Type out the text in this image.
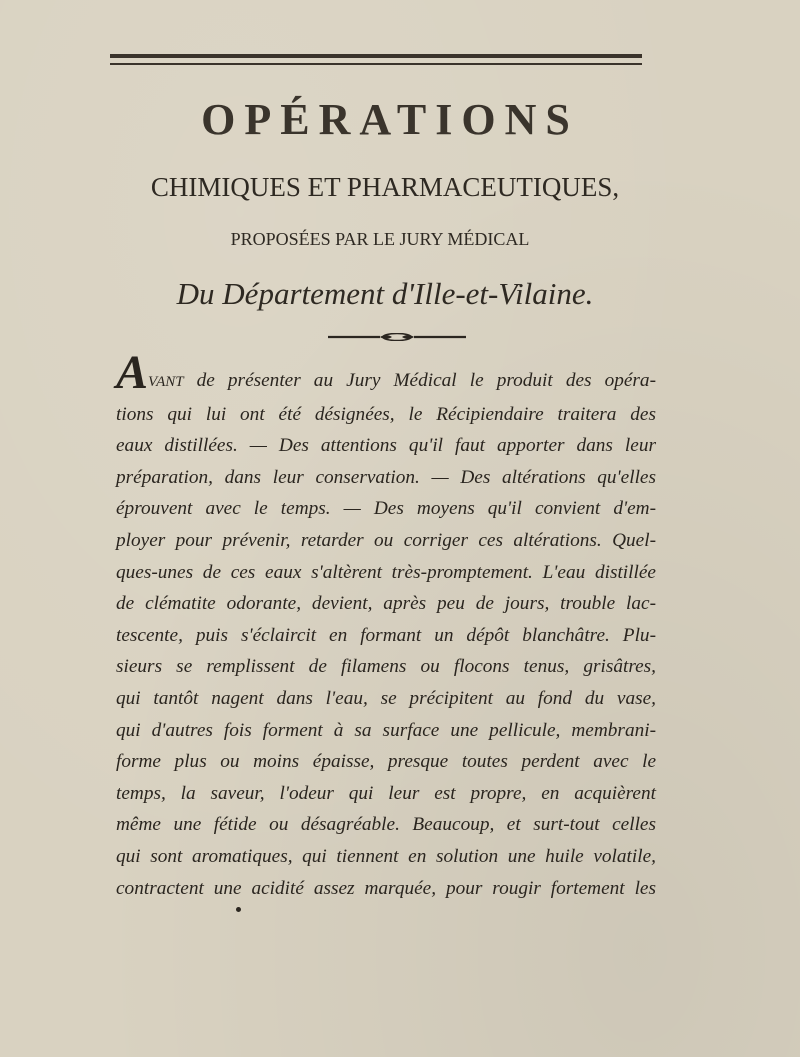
OPÉRATIONS
CHIMIQUES ET PHARMACEUTIQUES,
PROPOSÉES PAR LE JURY MÉDICAL
Du Département d'Ille-et-Vilaine.
AVANT de présenter au Jury Médical le produit des opéra-
tions qui lui ont été désignées, le Récipiendaire traitera des
eaux distillées. — Des attentions qu'il faut apporter dans leur
préparation, dans leur conservation. — Des altérations qu'elles
éprouvent avec le temps. — Des moyens qu'il convient d'em-
ployer pour prévenir, retarder ou corriger ces altérations. Quel-
ques-unes de ces eaux s'altèrent très-promptement. L'eau distillée
de clématite odorante, devient, après peu de jours, trouble lac-
tescente, puis s'éclaircit en formant un dépôt blanchâtre. Plu-
sieurs se remplissent de filamens ou flocons tenus, grisâtres,
qui tantôt nagent dans l'eau, se précipitent au fond du vase,
qui d'autres fois forment à sa surface une pellicule, membrani-
forme plus ou moins épaisse, presque toutes perdent avec le
temps, la saveur, l'odeur qui leur est propre, en acquièrent
même une fétide ou désagréable. Beaucoup, et surt-tout celles
qui sont aromatiques, qui tiennent en solution une huile volatile,
contractent une acidité assez marquée, pour rougir fortement les
